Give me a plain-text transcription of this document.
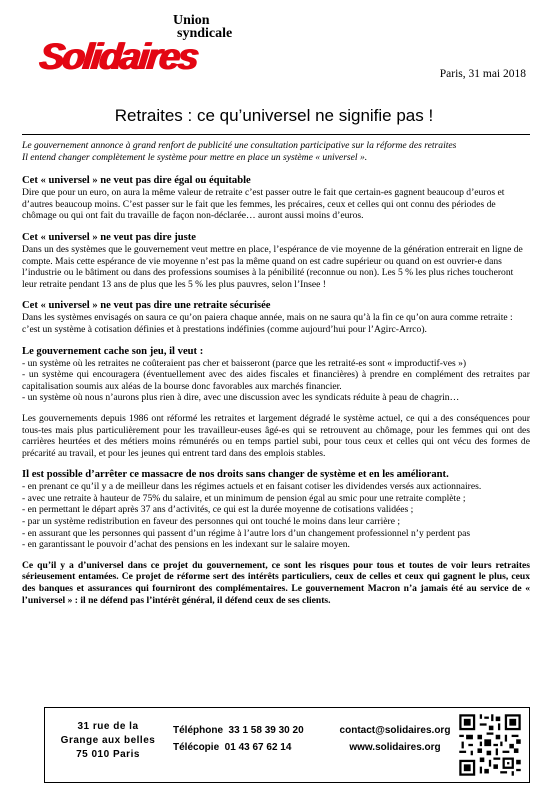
Union
syndicale
Solidaires	Paris, 31 mai 2018
Retraites : ce qu’universel ne signifie pas !

Le gouvernement annonce à grand renfort de publicité une consultation participative sur la réforme des retraites

Il entend changer complètement le système pour mettre en place un système « universel ».

Cet « universel » ne veut pas dire égal ou équitable

Dire que pour un euro, on aura la même valeur de retraite c’est passer outre le fait que certain-es gagnent beaucoup d’euros et d’autres beaucoup moins. C’est passer sur le fait que les femmes, les précaires, ceux et celles qui ont connu des périodes de chômage ou qui ont fait du travaille de façon non-déclarée… auront aussi moins d’euros.

Cet « universel » ne veut pas dire juste

Dans un des systèmes que le gouvernement veut mettre en place, l’espérance de vie moyenne de la génération entrerait en ligne de compte. Mais cette espérance de vie moyenne n’est pas la même quand on est cadre supérieur ou quand on est ouvrier-e dans l’industrie ou le bâtiment ou dans des professions soumises à la pénibilité (reconnue ou non). Les 5 % les plus riches toucheront leur retraite pendant 13 ans de plus que les 5 % les plus pauvres, selon l’Insee !

Cet « universel » ne veut pas dire une retraite sécurisée

Dans les systèmes envisagés on saura ce qu’on paiera chaque année, mais on ne saura qu’à la fin ce qu’on aura comme retraite : c’est un système à cotisation définies et à prestations indéfinies (comme aujourd’hui pour l’Agirc-Arrco).

Le gouvernement cache son jeu, il veut :
- un système où les retraites ne coûteraient pas cher et baisseront (parce que les retraité-es sont « improductif-ves »)
- un système qui encouragera (éventuellement avec des aides fiscales et financières) à prendre en complément des retraites par capitalisation soumis aux aléas de la bourse donc favorables aux marchés financier.
- un système où nous n’aurons plus rien à dire, avec une discussion avec les syndicats réduite à peau de chagrin…

Les gouvernements depuis 1986 ont réformé les retraites et largement dégradé le système actuel, ce qui a des conséquences pour tous-tes mais plus particulièrement pour les travailleur-euses âgé-es qui se retrouvent au chômage, pour les femmes qui ont des carrières heurtées et des métiers moins rémunérés ou en temps partiel subi, pour tous ceux et celles qui ont vécu des formes de précarité au travail, et pour les jeunes qui entrent tard dans des emplois stables.

Il est possible d’arrêter ce massacre de nos droits sans changer de système et en les améliorant.
- en prenant ce qu’il y a de meilleur dans les régimes actuels et en faisant cotiser les dividendes versés aux actionnaires.
- avec une retraite à hauteur de 75% du salaire, et un minimum de pension égal au smic pour une retraite complète ;
- en permettant le départ après 37 ans d’activités, ce qui est la durée moyenne de cotisations validées ;
- par un système redistribution en faveur des personnes qui ont touché le moins dans leur carrière ;
- en assurant que les personnes qui passent d’un régime à l’autre lors d’un changement professionnel n’y perdent pas
- en garantissant le pouvoir d’achat des pensions en les indexant sur le salaire moyen.

Ce qu’il y a d’universel dans ce projet du gouvernement, ce sont les risques pour tous et toutes de voir leurs retraites sérieusement entamées. Ce projet de réforme sert des intérêts particuliers, ceux de celles et ceux qui gagnent le plus, ceux des banques et assurances qui fourniront des complémentaires. Le gouvernement Macron n’a jamais été au service de « l’universel » : il ne défend pas l’intérêt général, il défend ceux de ses clients.

31 rue de la
Grange aux belles
75 010 Paris
Téléphone  33 1 58 39 30 20
Télécopie  01 43 67 62 14
contact@solidaires.org
www.solidaires.org
